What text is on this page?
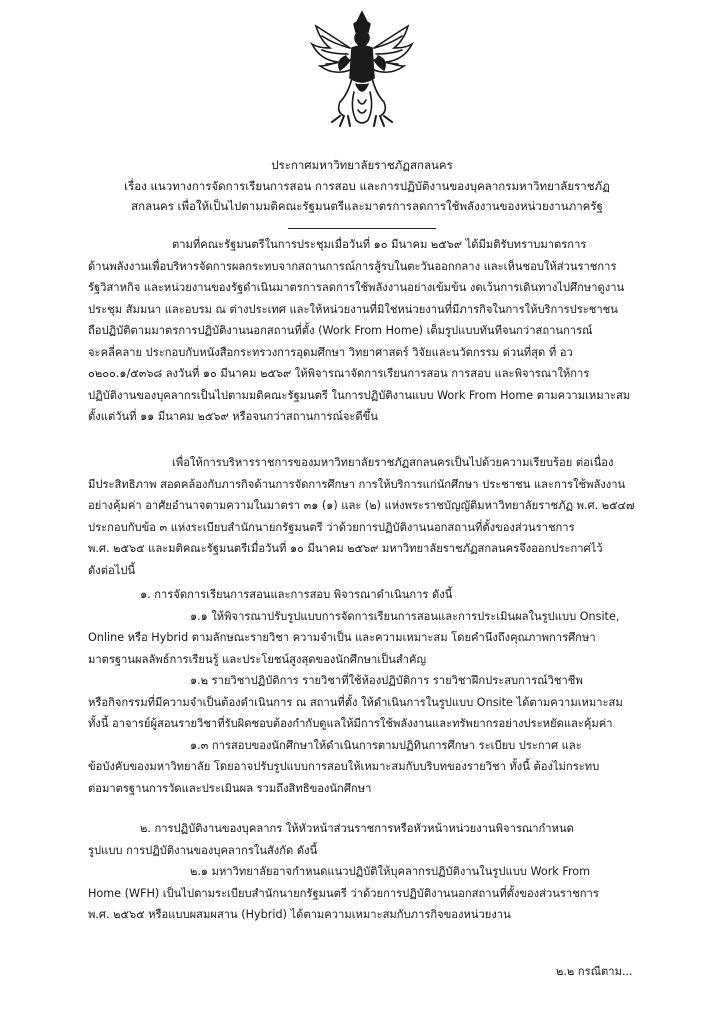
ประกาศมหาวิทยาลัยราชภัฏสกลนคร
เรื่อง แนวทางการจัดการเรียนการสอน การสอบ และการปฏิบัติงานของบุคลากรมหาวิทยาลัยราชภัฏ
สกลนคร เพื่อให้เป็นไปตามมติคณะรัฐมนตรีและมาตรการลดการใช้พลังงานของหน่วยงานภาครัฐ
ตามที่คณะรัฐมนตรีในการประชุมเมื่อวันที่ ๑๐ มีนาคม ๒๕๖๙ ได้มีมติรับทราบมาตรการ
ด้านพลังงานเพื่อบริหารจัดการผลกระทบจากสถานการณ์การสู้รบในตะวันออกกลาง และเห็นชอบให้ส่วนราชการ
รัฐวิสาหกิจ และหน่วยงานของรัฐดำเนินมาตรการลดการใช้พลังงานอย่างเข้มข้น งดเว้นการเดินทางไปศึกษาดูงาน
ประชุม สัมมนา และอบรม ณ ต่างประเทศ และให้หน่วยงานที่มิใช่หน่วยงานที่มีภารกิจในการให้บริการประชาชน
ถือปฏิบัติตามมาตรการปฏิบัติงานนอกสถานที่ตั้ง (Work From Home) เต็มรูปแบบทันทีจนกว่าสถานการณ์
จะคลี่คลาย ประกอบกับหนังสือกระทรวงการอุดมศึกษา วิทยาศาสตร์ วิจัยและนวัตกรรม ด่วนที่สุด ที่ อว
๐๒๐๐.๑/๕๓๖๘ ลงวันที่ ๑๐ มีนาคม ๒๕๖๙ ให้พิจารณาจัดการเรียนการสอน การสอบ และพิจารณาให้การ
ปฏิบัติงานของบุคลากรเป็นไปตามมติคณะรัฐมนตรี ในการปฏิบัติงานแบบ Work From Home ตามความเหมาะสม
ตั้งแต่วันที่ ๑๑ มีนาคม ๒๕๖๙ หรือจนกว่าสถานการณ์จะดีขึ้น
เพื่อให้การบริหารราชการของมหาวิทยาลัยราชภัฏสกลนครเป็นไปด้วยความเรียบร้อย ต่อเนื่อง
มีประสิทธิภาพ สอดคล้องกับภารกิจด้านการจัดการศึกษา การให้บริการแก่นักศึกษา ประชาชน และการใช้พลังงาน
อย่างคุ้มค่า อาศัยอำนาจตามความในมาตรา ๓๑ (๑) และ (๒) แห่งพระราชบัญญัติมหาวิทยาลัยราชภัฏ พ.ศ. ๒๕๔๗
ประกอบกับข้อ ๓ แห่งระเบียบสำนักนายกรัฐมนตรี ว่าด้วยการปฏิบัติงานนอกสถานที่ตั้งของส่วนราชการ
พ.ศ. ๒๕๖๕ และมติคณะรัฐมนตรีเมื่อวันที่ ๑๐ มีนาคม ๒๕๖๙ มหาวิทยาลัยราชภัฏสกลนครจึงออกประกาศไว้
ดังต่อไปนี้
๑. การจัดการเรียนการสอนและการสอบ พิจารณาดำเนินการ ดังนี้
๑.๑ ให้พิจารณาปรับรูปแบบการจัดการเรียนการสอนและการประเมินผลในรูปแบบ Onsite,
Online หรือ Hybrid ตามลักษณะรายวิชา ความจำเป็น และความเหมาะสม โดยคำนึงถึงคุณภาพการศึกษา
มาตรฐานผลลัพธ์การเรียนรู้ และประโยชน์สูงสุดของนักศึกษาเป็นสำคัญ
๑.๒ รายวิชาปฏิบัติการ รายวิชาที่ใช้ห้องปฏิบัติการ รายวิชาฝึกประสบการณ์วิชาชีพ
หรือกิจกรรมที่มีความจำเป็นต้องดำเนินการ ณ สถานที่ตั้ง ให้ดำเนินการในรูปแบบ Onsite ได้ตามความเหมาะสม
ทั้งนี้ อาจารย์ผู้สอนรายวิชาที่รับผิดชอบต้องกำกับดูแลให้มีการใช้พลังงานและทรัพยากรอย่างประหยัดและคุ้มค่า
๑.๓ การสอบของนักศึกษาให้ดำเนินการตามปฏิทินการศึกษา ระเบียบ ประกาศ และ
ข้อบังคับของมหาวิทยาลัย โดยอาจปรับรูปแบบการสอบให้เหมาะสมกับบริบทของรายวิชา ทั้งนี้ ต้องไม่กระทบ
ต่อมาตรฐานการวัดและประเมินผล รวมถึงสิทธิของนักศึกษา
๒. การปฏิบัติงานของบุคลากร ให้หัวหน้าส่วนราชการหรือหัวหน้าหน่วยงานพิจารณากำหนด
รูปแบบ การปฏิบัติงานของบุคลากรในสังกัด ดังนี้
๒.๑ มหาวิทยาลัยอาจกำหนดแนวปฏิบัติให้บุคลากรปฏิบัติงานในรูปแบบ Work From
Home (WFH) เป็นไปตามระเบียบสำนักนายกรัฐมนตรี ว่าด้วยการปฏิบัติงานนอกสถานที่ตั้งของส่วนราชการ
พ.ศ. ๒๕๖๕ หรือแบบผสมผสาน (Hybrid) ได้ตามความเหมาะสมกับภารกิจของหน่วยงาน
๒.๒ กรณีตาม...
